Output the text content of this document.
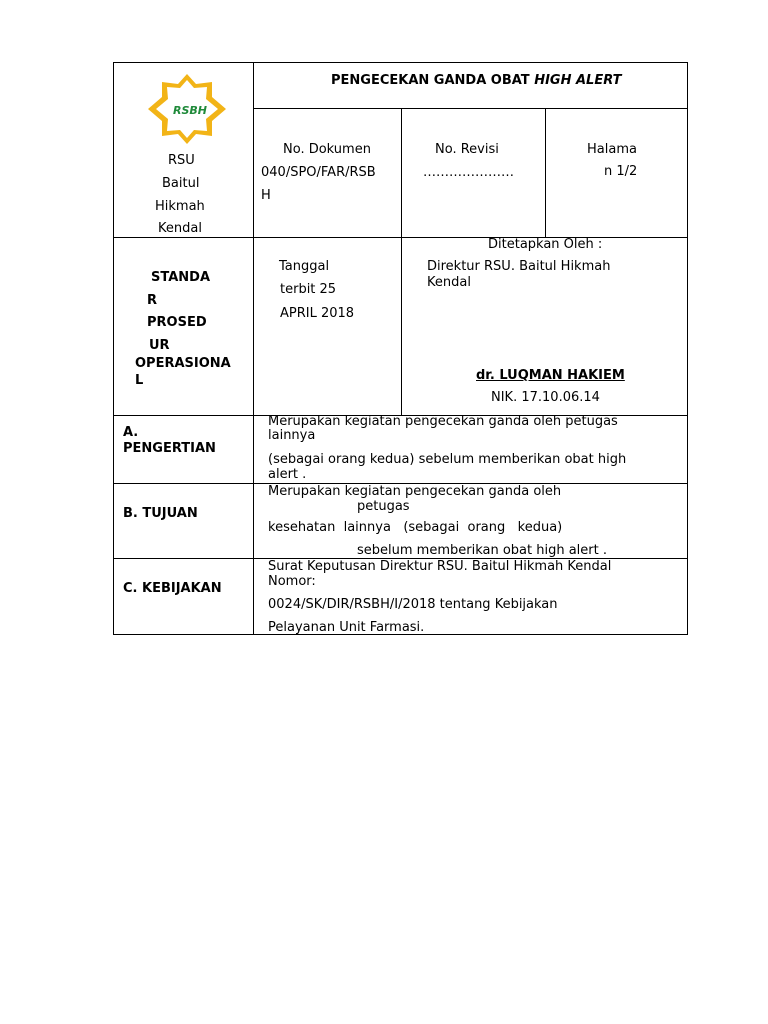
RSBH
RSU
Baitul
Hikmah
Kendal
PENGECEKAN GANDA OBAT HIGH ALERT
No. Dokumen
040/SPO/FAR/RSB
H
No. Revisi
…………………
Halama
n 1/2
STANDA
R
PROSED
UR
OPERASIONA
L
Tanggal
terbit 25
APRIL 2018
Ditetapkan Oleh :
Direktur RSU. Baitul Hikmah
Kendal
dr. LUQMAN HAKIEM
NIK. 17.10.06.14
A.
PENGERTIAN
Merupakan kegiatan pengecekan ganda oleh petugas
lainnya
(sebagai orang kedua) sebelum memberikan obat high
alert .
B. TUJUAN
Merupakan kegiatan pengecekan ganda oleh
petugas
kesehatan  lainnya   (sebagai  orang   kedua)
sebelum memberikan obat high alert .
C. KEBIJAKAN
Surat Keputusan Direktur RSU. Baitul Hikmah Kendal
Nomor:
0024/SK/DIR/RSBH/I/2018 tentang Kebijakan
Pelayanan Unit Farmasi.
